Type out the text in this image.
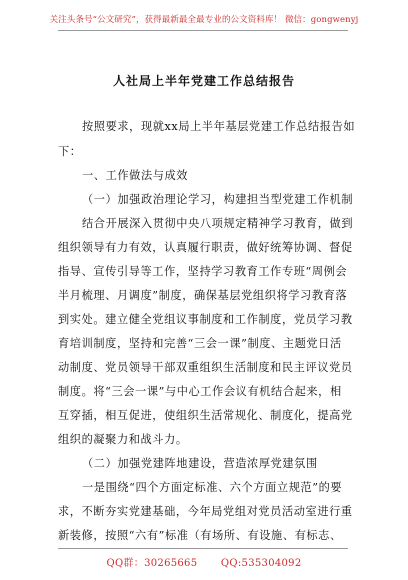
关注头条号“公文研究”，获得最新最全最专业的公文资料库！ 微信：gongwenyj
人社局上半年党建工作总结报告
按照要求，现就xx局上半年基层党建工作总结报告如
下：
一、工作做法与成效
（一）加强政治理论学习，构建担当型党建工作机制
结合开展深入贯彻中央八项规定精神学习教育，做到
组织领导有力有效，认真履行职责，做好统筹协调、督促
指导、宣传引导等工作，坚持学习教育工作专班“周例会
半月梳理、月调度”制度，确保基层党组织将学习教育落
到实处。建立健全党组议事制度和工作制度，党员学习教
育培训制度，坚持和完善“三会一课”制度、主题党日活
动制度、党员领导干部双重组织生活制度和民主评议党员
制度。将“三会一课”与中心工作会议有机结合起来，相
互穿插，相互促进，使组织生活常规化、制度化，提高党
组织的凝聚力和战斗力。
（二）加强党建阵地建设，营造浓厚党建氛围
一是围绕“四个方面定标准、六个方面立规范”的要
求，不断夯实党建基础，今年局党组对党员活动室进行重
新装修，按照“六有”标准（有场所、有设施、有标志、
QQ群：30265665 QQ:535304092
